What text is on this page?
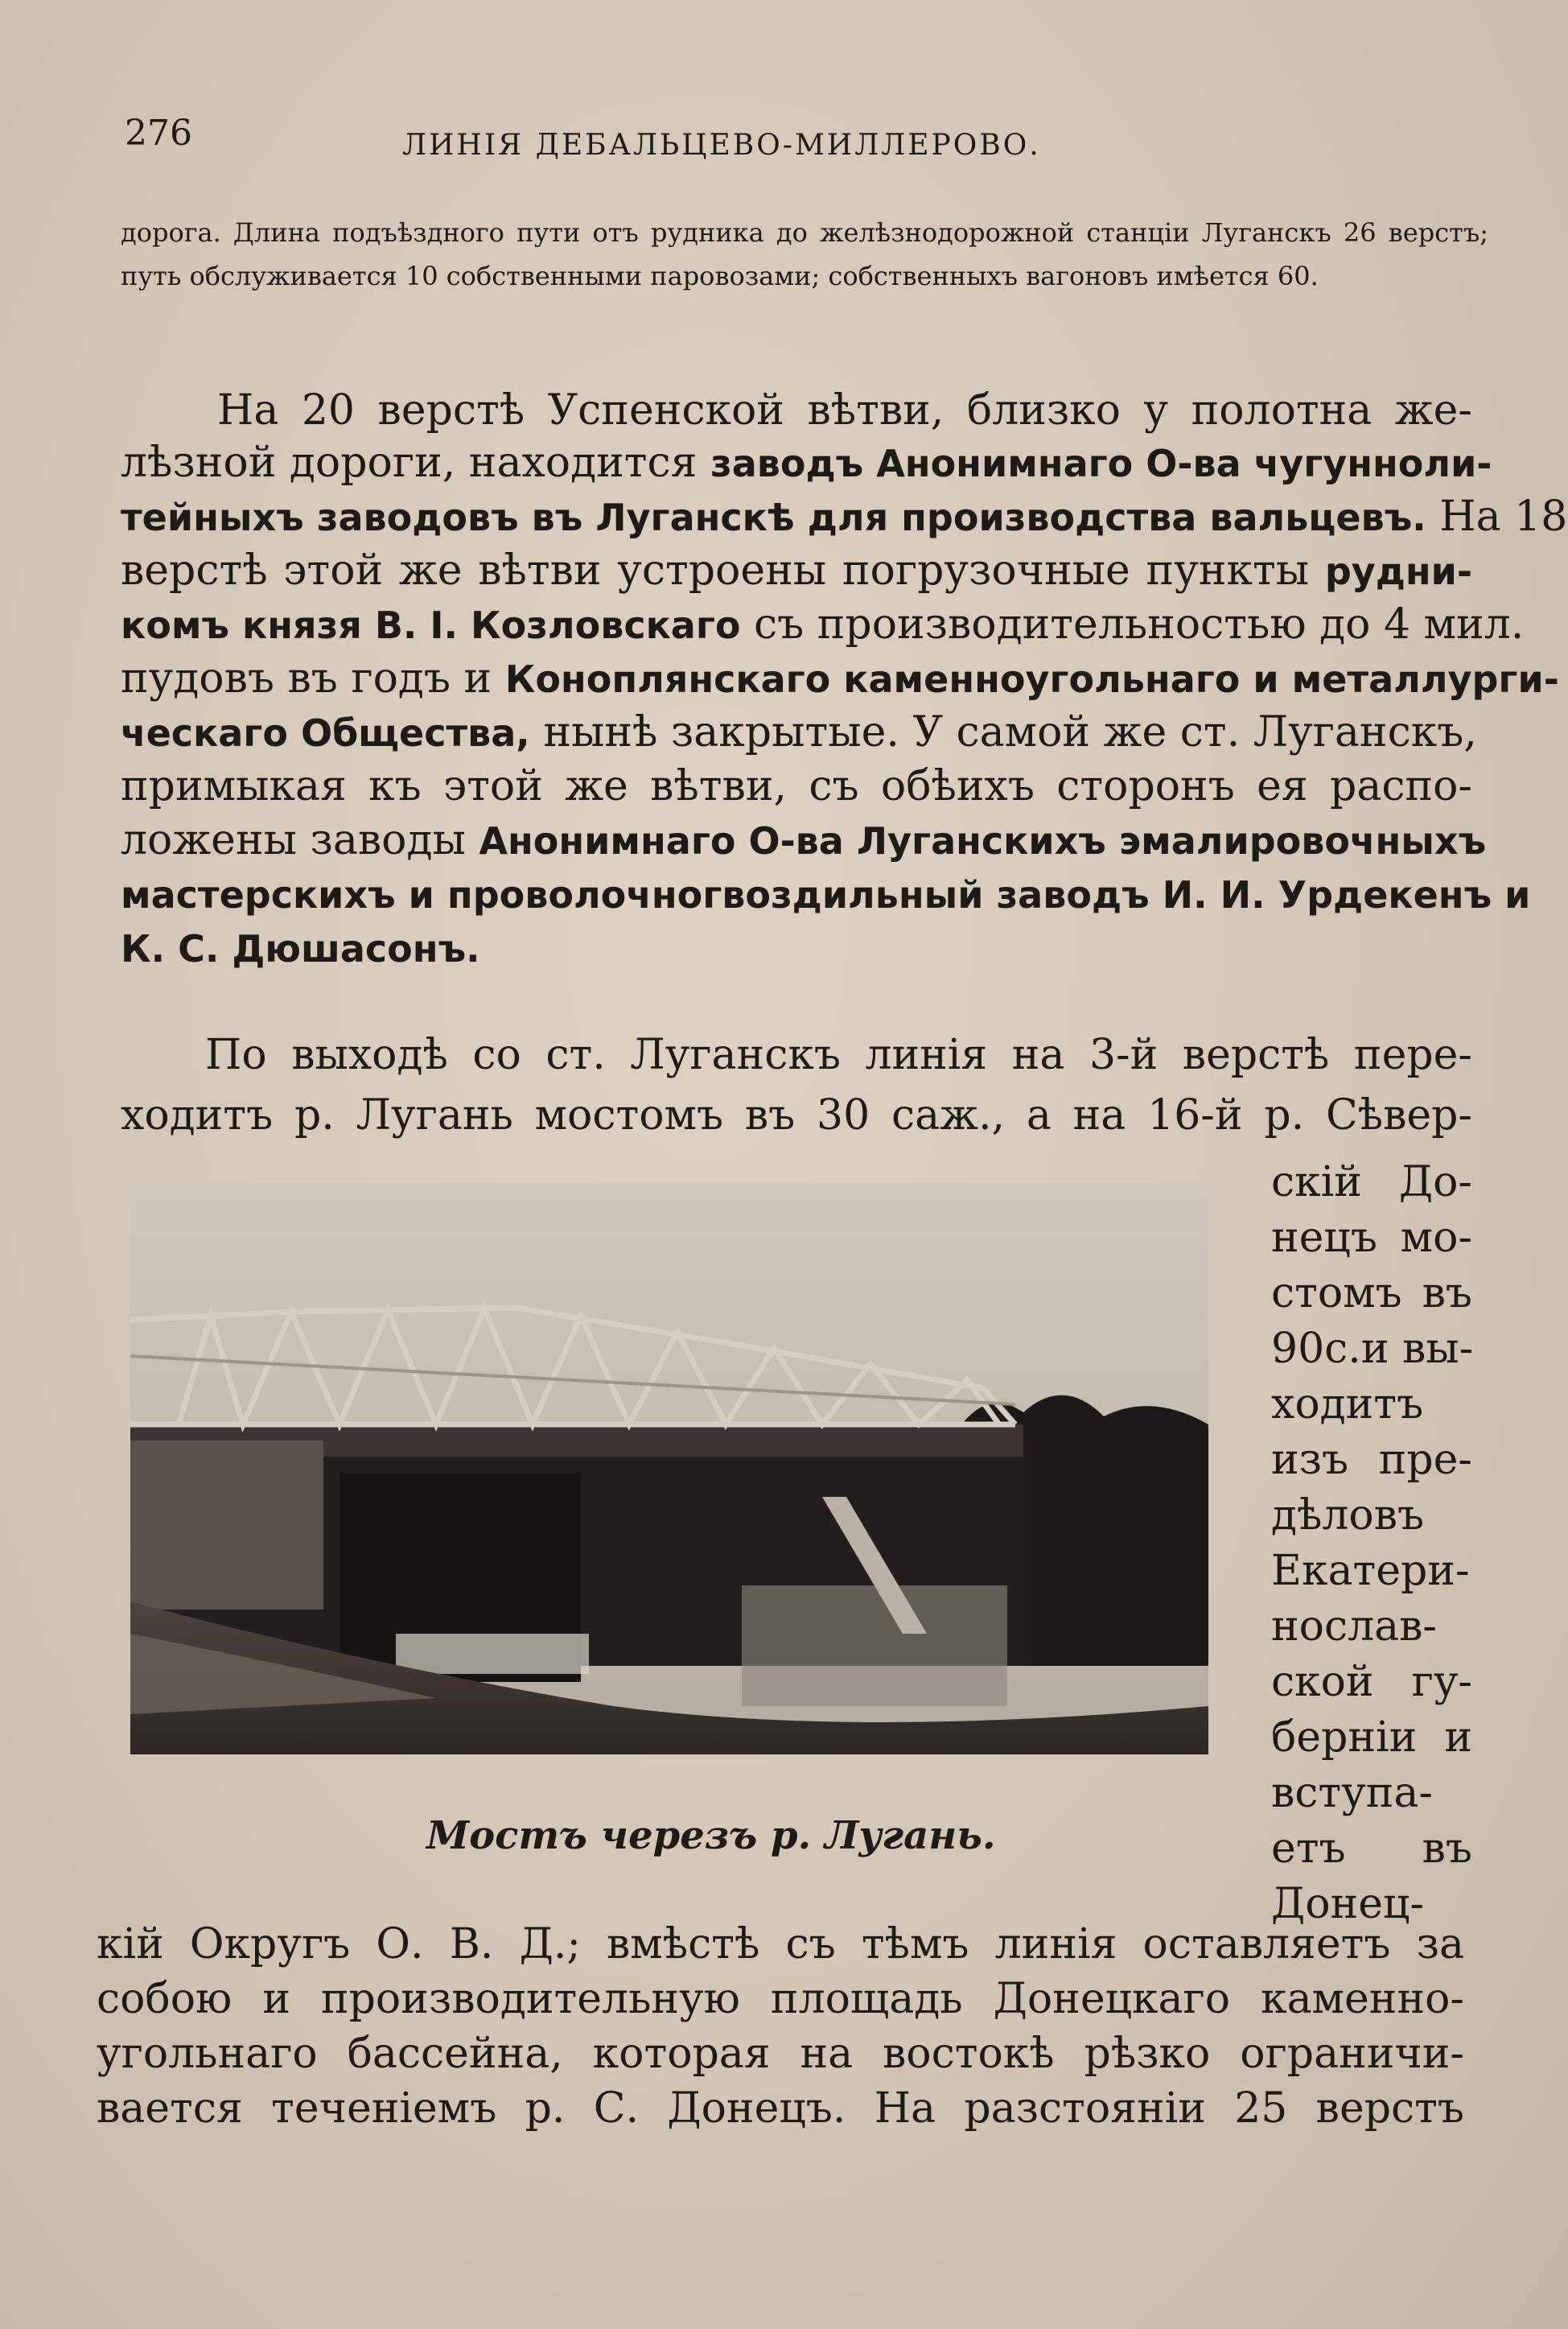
276	ЛИНІЯ ДЕБАЛЬЦЕВО-МИЛЛЕРОВО.
дорога. Длина подъѣздного пути отъ рудника до желѣзнодорожной станціи Луганскъ 26 верстъ; путь обслуживается 10 собственными паровозами; собственныхъ вагоновъ имѣется 60.
На 20 верстѣ Успенской вѣтви, близко у полотна же-
лѣзной дороги, находится заводъ Анонимнаго О-ва чугунноли-
тейныхъ заводовъ въ Луганскѣ для производства вальцевъ. На 18
верстѣ этой же вѣтви устроены погрузочные пункты рудни-
комъ князя В. І. Козловскаго съ производительностью до 4 мил.
пудовъ въ годъ и Коноплянскаго каменноугольнаго и металлурги-
ческаго Общества, нынѣ закрытые. У самой же ст. Луганскъ,
примыкая къ этой же вѣтви, съ обѣихъ сторонъ ея распо-
ложены заводы Анонимнаго О-ва Луганскихъ эмалировочныхъ
мастерскихъ и проволочногвоздильный заводъ И. И. Урдекенъ и
К. С. Дюшасонъ.
По выходѣ со ст. Луганскъ линія на 3-й верстѣ пере-
ходитъ р. Лугань мостомъ въ 30 саж., а на 16-й р. Сѣвер-
Мостъ черезъ р. Лугань.
скій До-
нецъ мо-
стомъ въ
90с.и вы-
ходитъ
изъ пре-
дѣловъ
Екатери-
нослав-
ской гу-
берніи и
вступа-
етъ въ
Донец-
кій Округъ О. В. Д.; вмѣстѣ съ тѣмъ линія оставляетъ за
собою и производительную площадь Донецкаго каменно-
угольнаго бассейна, которая на востокѣ рѣзко ограничи-
вается теченіемъ р. С. Донецъ. На разстояніи 25 верстъ
